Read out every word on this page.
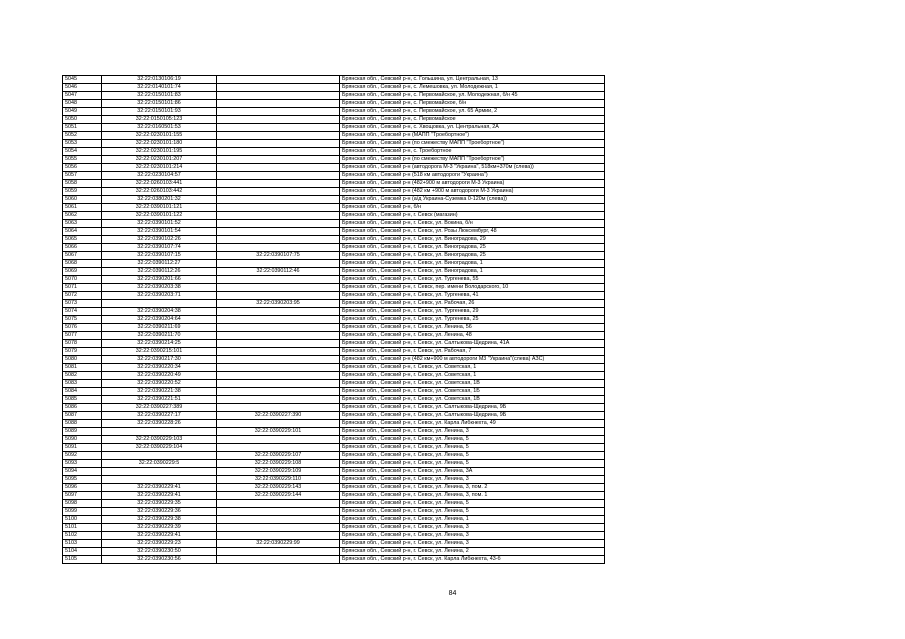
5045	32:22:0130106:19		Брянская обл., Севский р-н, с. Гольшина, ул. Центральная, 13
5046	32:22:0140101:74		Брянская обл., Севский р-н, с. Лемешовка, ул. Молодежная, 1
5047	32:22:0150101:83		Брянская обл., Севский р-н, с. Первомайское, ул. Молодежная, б/н 45
5048	32:22:0150101:86		Брянская обл., Севский р-н, с. Первомайское, б/н
5049	32:22:0150101:93		Брянская обл., Севский р-н, с. Первомайское, ул. 65 Армии, 2
5050	32:22:0150105:123		Брянская обл., Севский р-н, с. Первомайское
5051	32:22:0160501:53		Брянская обл., Севский р-н, с. Хвощовка, ул. Центральная, 2А
5052	32:22:0230101:155		Брянская обл., Севский р-н (МАПП "Троебортное")
5053	32:22:0230101:180		Брянская обл., Севский р-н (по смежеству МАПП "Троебортное")
5054	32:22:0230101:195		Брянская обл., Севский р-н, с. Троебортное
5055	32:22:0230101:207		Брянская обл., Севский р-н (по смежеству МАПП "Троебортное")
5056	32:22:0230101:214		Брянская обл., Севский р-н (автодорога М-3 "Украина", 518км+370м (слева))
5057	32:22:0230104:57		Брянская обл., Севский р-н (518 км автодороги "Украина")
5058	32:22:0260103:441		Брянская обл., Севский р-н (482+900 м автодороги М-3 Украина)
5059	32:22:0260103:442		Брянская обл., Севский р-н (482 км +900 м автодороги М-3 Украина)
5060	32:22:0380201:32		Брянская обл., Севский р-н (а/д Украина-Суземка 0-120м (слева))
5061	32:22:0390101:121		Брянская обл., Севский р-н, б/н
5062	32:22:0390101:122		Брянская обл., Севский р-н, г. Севск (магазин)
5063	32:22:0390101:52		Брянская обл., Севский р-н, г. Севск, ул. Вокина, б/н
5064	32:22:0390101:54		Брянская обл., Севский р-н, г. Севск, ул. Розы Люксембург, 48
5065	32:22:0390102:26		Брянская обл., Севский р-н, г. Севск, ул. Виноградова, 29
5066	32:22:0390107:74		Брянская обл., Севский р-н, г. Севск, ул. Виноградова, 25
5067	32:22:0390107:15	32:22:0390107:75	Брянская обл., Севский р-н, г. Севск, ул. Виноградова, 25
5068	32:22:0390112:27		Брянская обл., Севский р-н, г. Севск, ул. Виноградова, 1
5069	32:22:0390112:26	32:22:0390112:46	Брянская обл., Севский р-н, г. Севск, ул. Виноградова, 1
5070	32:22:0390201:66		Брянская обл., Севский р-н, г. Севск, ул. Тургенева, 55
5071	32:22:0390203:38		Брянская обл., Севский р-н, г. Севск, пер. имени Володарского, 10
5072	32:22:0390203:71		Брянская обл., Севский р-н, г. Севск, ул. Тургенева, 41
5073		32:22:0390203:95	Брянская обл., Севский р-н, г. Севск, ул. Рабочая, 26
5074	32:22:0390204:38		Брянская обл., Севский р-н, г. Севск, ул. Тургенева, 29
5075	32:22:0390204:64		Брянская обл., Севский р-н, г. Севск, ул. Тургенева, 25
5076	32:22:0390211:69		Брянская обл., Севский р-н, г. Севск, ул. Ленина, 56
5077	32:22:0390211:70		Брянская обл., Севский р-н, г. Севск, ул. Ленина, 48
5078	32:22:0390214:25		Брянская обл., Севский р-н, г. Севск, ул. Салтыкова-Щедрина, 41А
5079	32:22:0390215:101		Брянская обл., Севский р-н, г. Севск, ул. Рабочая, 7
5080	32:22:0390217:30		Брянская обл., Севский р-н (482 км+900 м автодороги М3 "Украина"(слева) АЗС)
5081	32:22:0390220:34		Брянская обл., Севский р-н, г. Севск, ул. Советская, 1
5082	32:22:0390220:49		Брянская обл., Севский р-н, г. Севск, ул. Советская, 1
5083	32:22:0390220:52		Брянская обл., Севский р-н, г. Севск, ул. Советская, 1В
5084	32:22:0390221:38		Брянская обл., Севский р-н, г. Севск, ул. Советская, 1Б
5085	32:22:0390221:51		Брянская обл., Севский р-н, г. Севск, ул. Советская, 1В
5086	32:22:0390227:389		Брянская обл., Севский р-н, г. Севск, ул. Салтыкова-Щедрина, 9Б
5087	32:22:0390227:17	32:22:0390227:390	Брянская обл., Севский р-н, г. Севск, ул. Салтыкова-Щедрина, 9Б
5088	32:22:0390228:26		Брянская обл., Севский р-н, г. Севск, ул. Карла Либкнехта, 49
5089		32:22:0390229:101	Брянская обл., Севский р-н, г. Севск, ул. Ленина, 3
5090	32:22:0390229:103		Брянская обл., Севский р-н, г. Севск, ул. Ленина, 5
5091	32:22:0390229:104		Брянская обл., Севский р-н, г. Севск, ул. Ленина, 5
5092		32:22:0390229:107	Брянская обл., Севский р-н, г. Севск, ул. Ленина, 5
5093	32:22:0390229:5	32:22:0390229:108	Брянская обл., Севский р-н, г. Севск, ул. Ленина, 5
5094		32:22:0390229:109	Брянская обл., Севский р-н, г. Севск, ул. Ленина, 3А
5095		32:22:0390229:110	Брянская обл., Севский р-н, г. Севск, ул. Ленина, 3
5096	32:22:0390229:41	32:22:0390229:143	Брянская обл., Севский р-н, г. Севск, ул. Ленина, 3, пом. 2
5097	32:22:0390229:41	32:22:0390229:144	Брянская обл., Севский р-н, г. Севск, ул. Ленина, 3, пом. 1
5098	32:22:0390229:35		Брянская обл., Севский р-н, г. Севск, ул. Ленина, 5
5099	32:22:0390229:36		Брянская обл., Севский р-н, г. Севск, ул. Ленина, 5
5100	32:22:0390229:38		Брянская обл., Севский р-н, г. Севск, ул. Ленина, 1
5101	32:22:0390229:39		Брянская обл., Севский р-н, г. Севск, ул. Ленина, 3
5102	32:22:0390229:41		Брянская обл., Севский р-н, г. Севск, ул. Ленина, 3
5103	32:22:0390229:23	32:22:0390229:99	Брянская обл., Севский р-н, г. Севск, ул. Ленина, 3
5104	32:22:0390230:50		Брянская обл., Севский р-н, г. Севск, ул. Ленина, 2
5105	32:22:0390230:56		Брянская обл., Севский р-н, г. Севск, ул. Карла Либкнехта, 43-б
84
